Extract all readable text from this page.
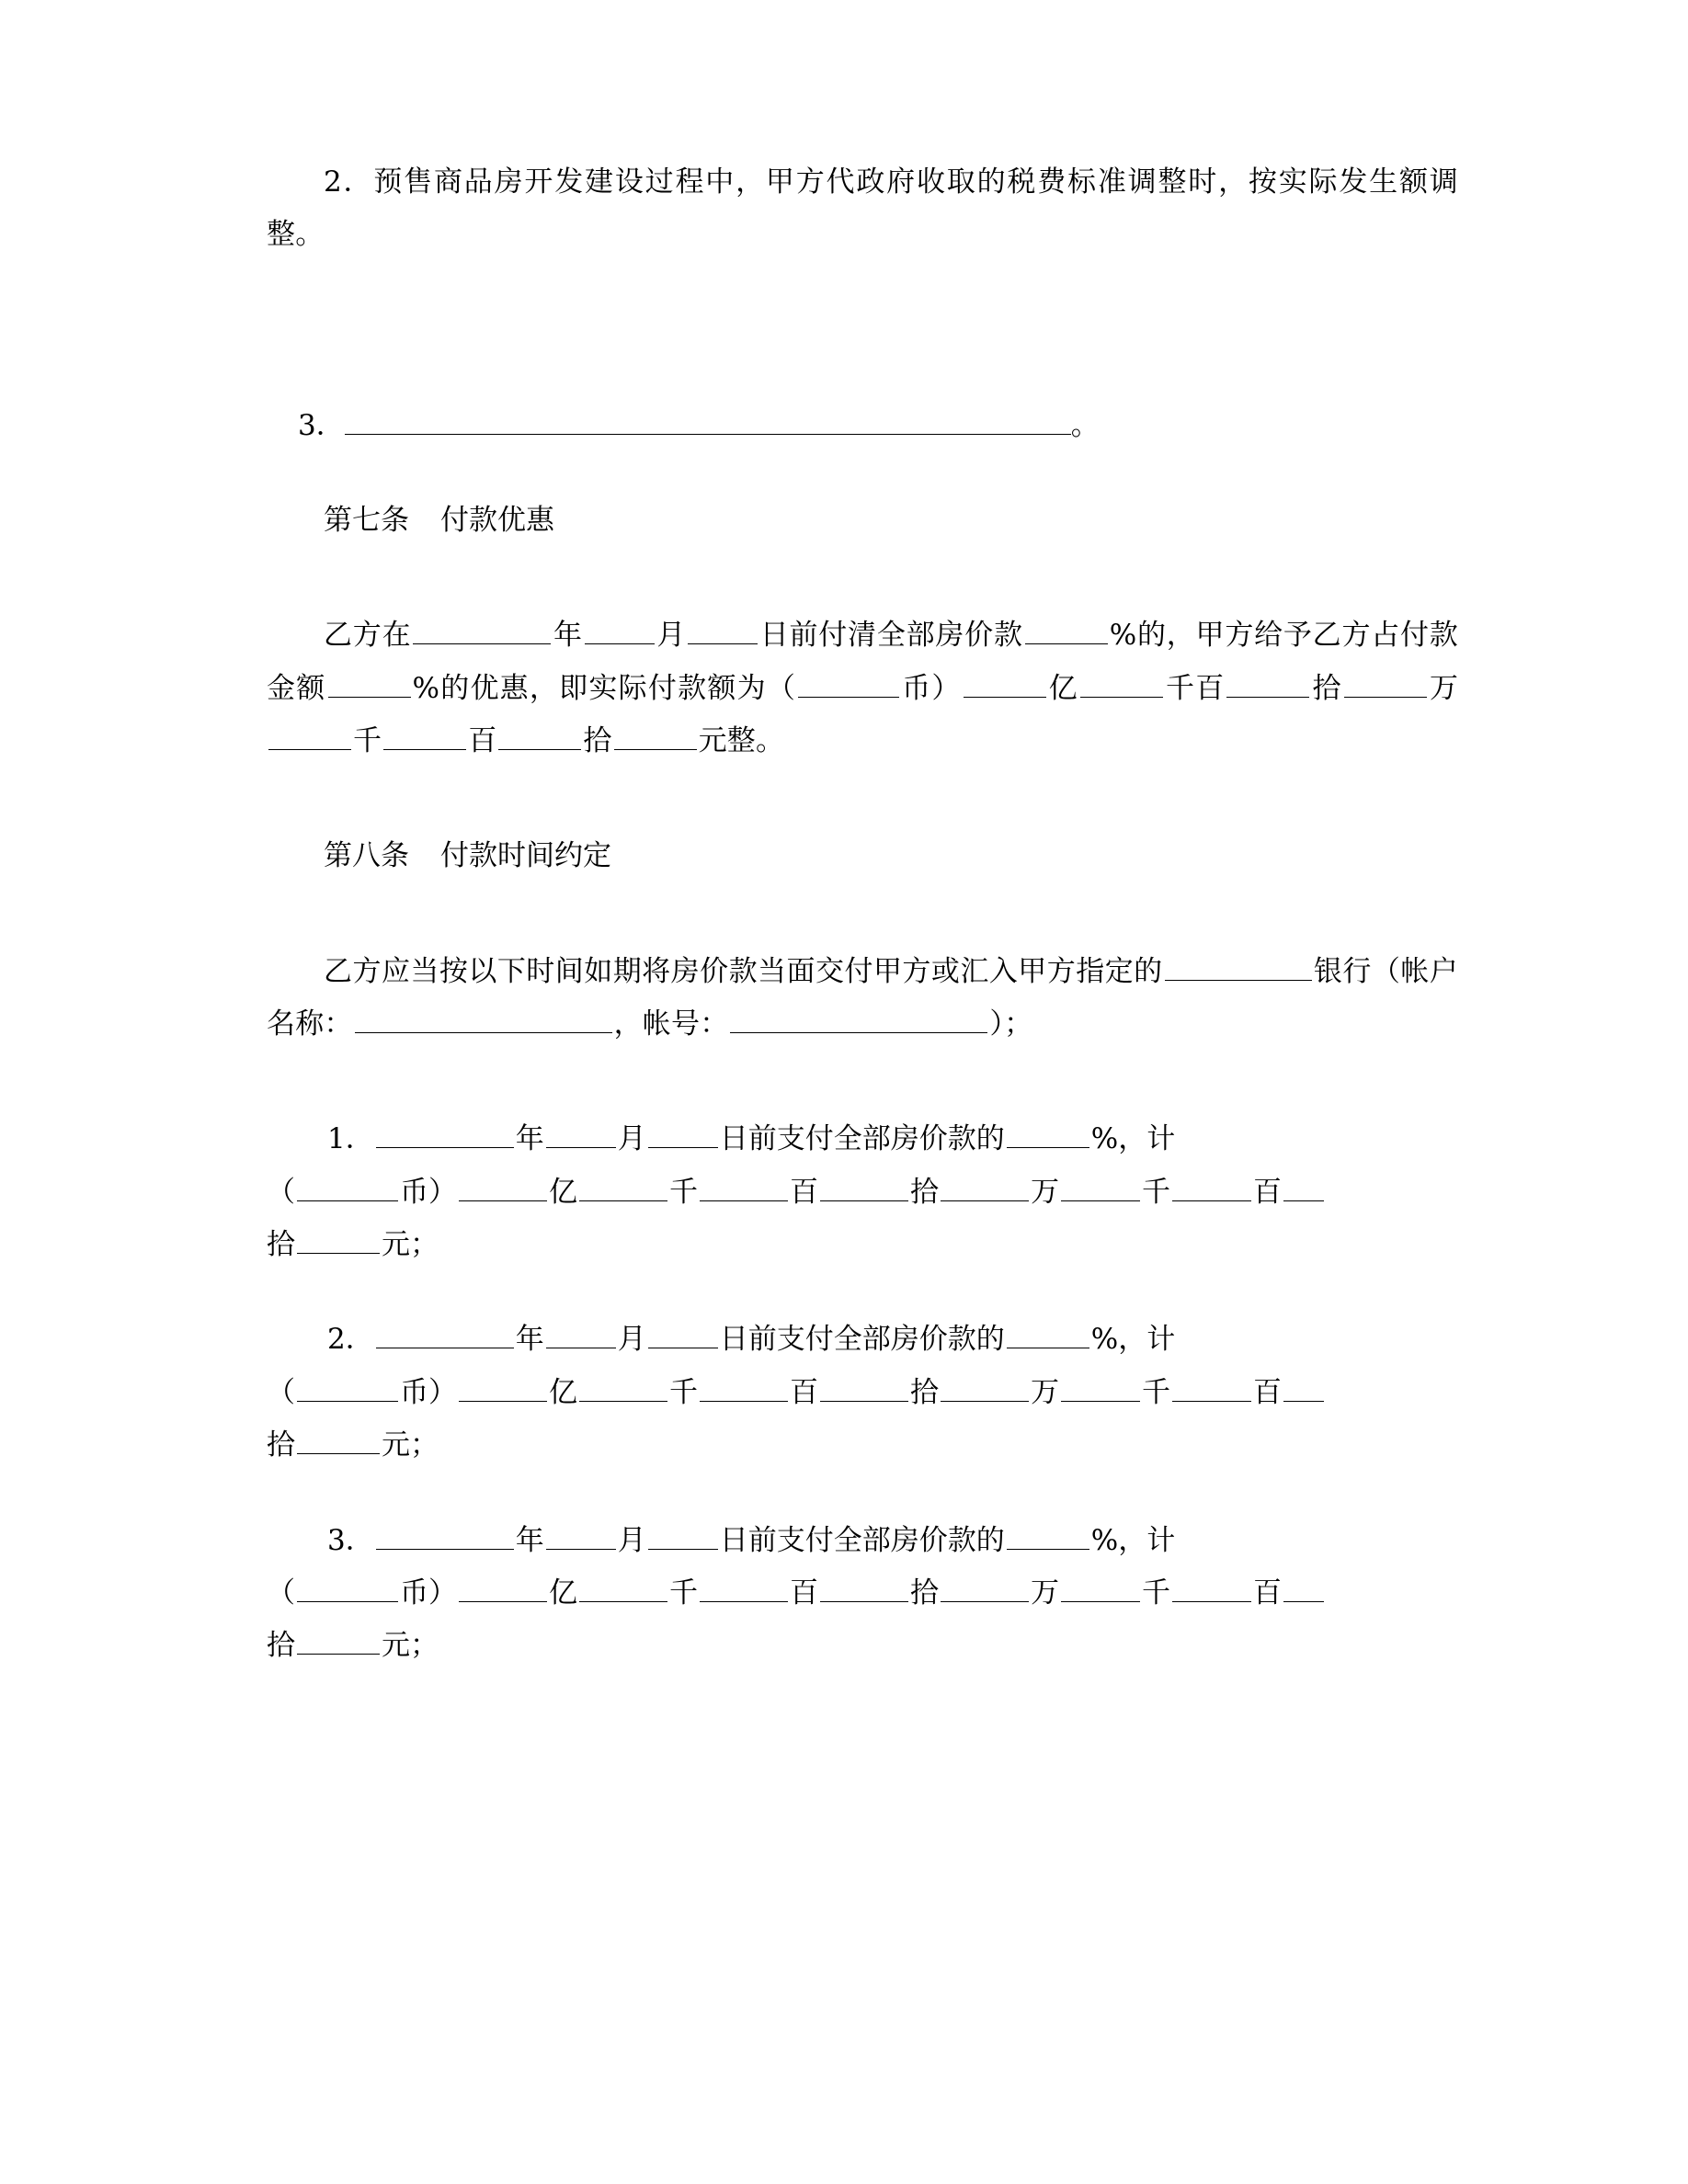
2．预售商品房开发建设过程中，甲方代政府收取的税费标准调整时，按实际发生额调整。

3．	。

第七条 付款优惠

乙方在	年	月	日前付清全部房价款	%的，甲方给予乙方占付款金额	%的优惠，即实际付款额为（	币）	亿	千百	拾	万千	百	拾	元整。

第八条 付款时间约定

乙方应当按以下时间如期将房价款当面交付甲方或汇入甲方指定的	银行（帐户名称：	，帐号：	）；

1．	年	月	日前支付全部房价款的	%，计

（	币）	亿	千	百	拾	万	千	百

拾	元；

2．	年	月	日前支付全部房价款的	%，计

（	币）	亿	千	百	拾	万	千	百

拾	元；

3．	年	月	日前支付全部房价款的	%，计

（	币）	亿	千	百	拾	万	千	百

拾	元；
